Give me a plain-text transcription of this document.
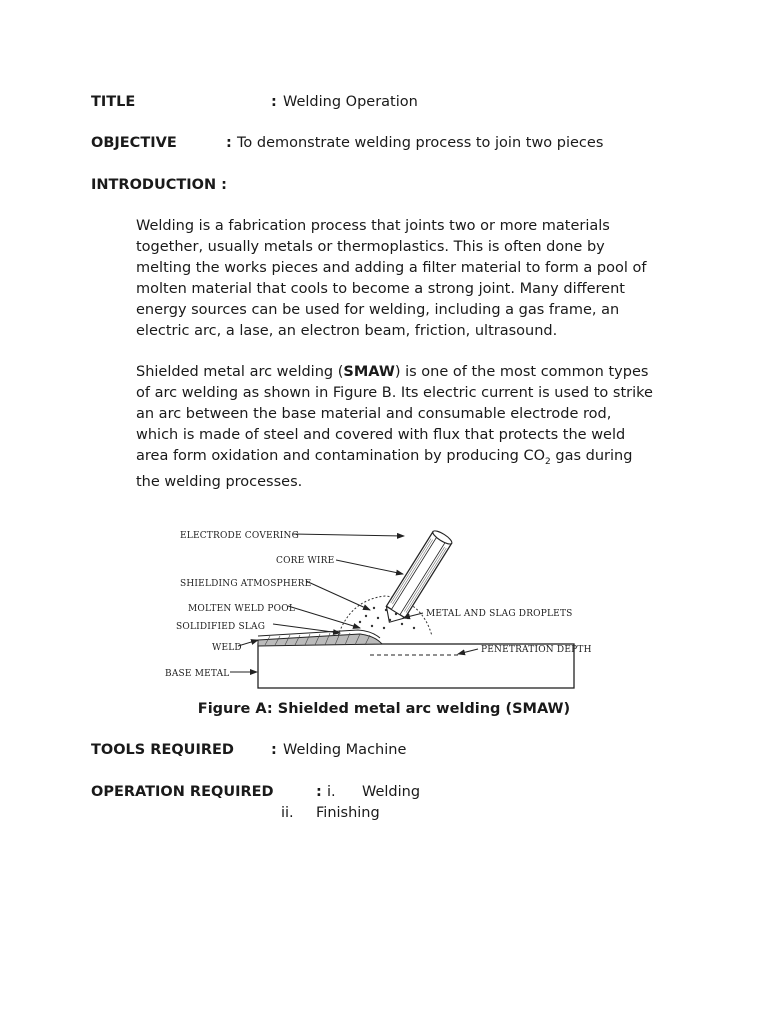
TITLE	: Welding Operation
OBJECTIVE	: To demonstrate welding process to join two pieces
INTRODUCTION :
Welding is a fabrication process that joints two or more materials
together, usually metals or thermoplastics. This is often done by
melting the works pieces and adding a filter material to form a pool of
molten material that cools to become a strong joint. Many different
energy sources can be used for welding, including a gas frame, an
electric arc, a lase, an electron beam, friction, ultrasound.
Shielded metal arc welding (SMAW) is one of the most common types
of arc welding as shown in Figure B. Its electric current is used to strike
an arc between the base material and consumable electrode rod,
which is made of steel and covered with flux that protects the weld
area form oxidation and contamination by producing $CO_2$ gas during
the welding processes.
ELECTRODE COVERING
CORE WIRE
SHIELDING ATMOSPHERE
MOLTEN WELD POOL
SOLIDIFIED SLAG
WELD
BASE METAL
METAL AND SLAG DROPLETS
PENETRATION DEPTH
Figure A: Shielded metal arc welding (SMAW)
TOOLS REQUIRED	: Welding Machine
OPERATION REQUIRED	: i. Welding
ii. Finishing
